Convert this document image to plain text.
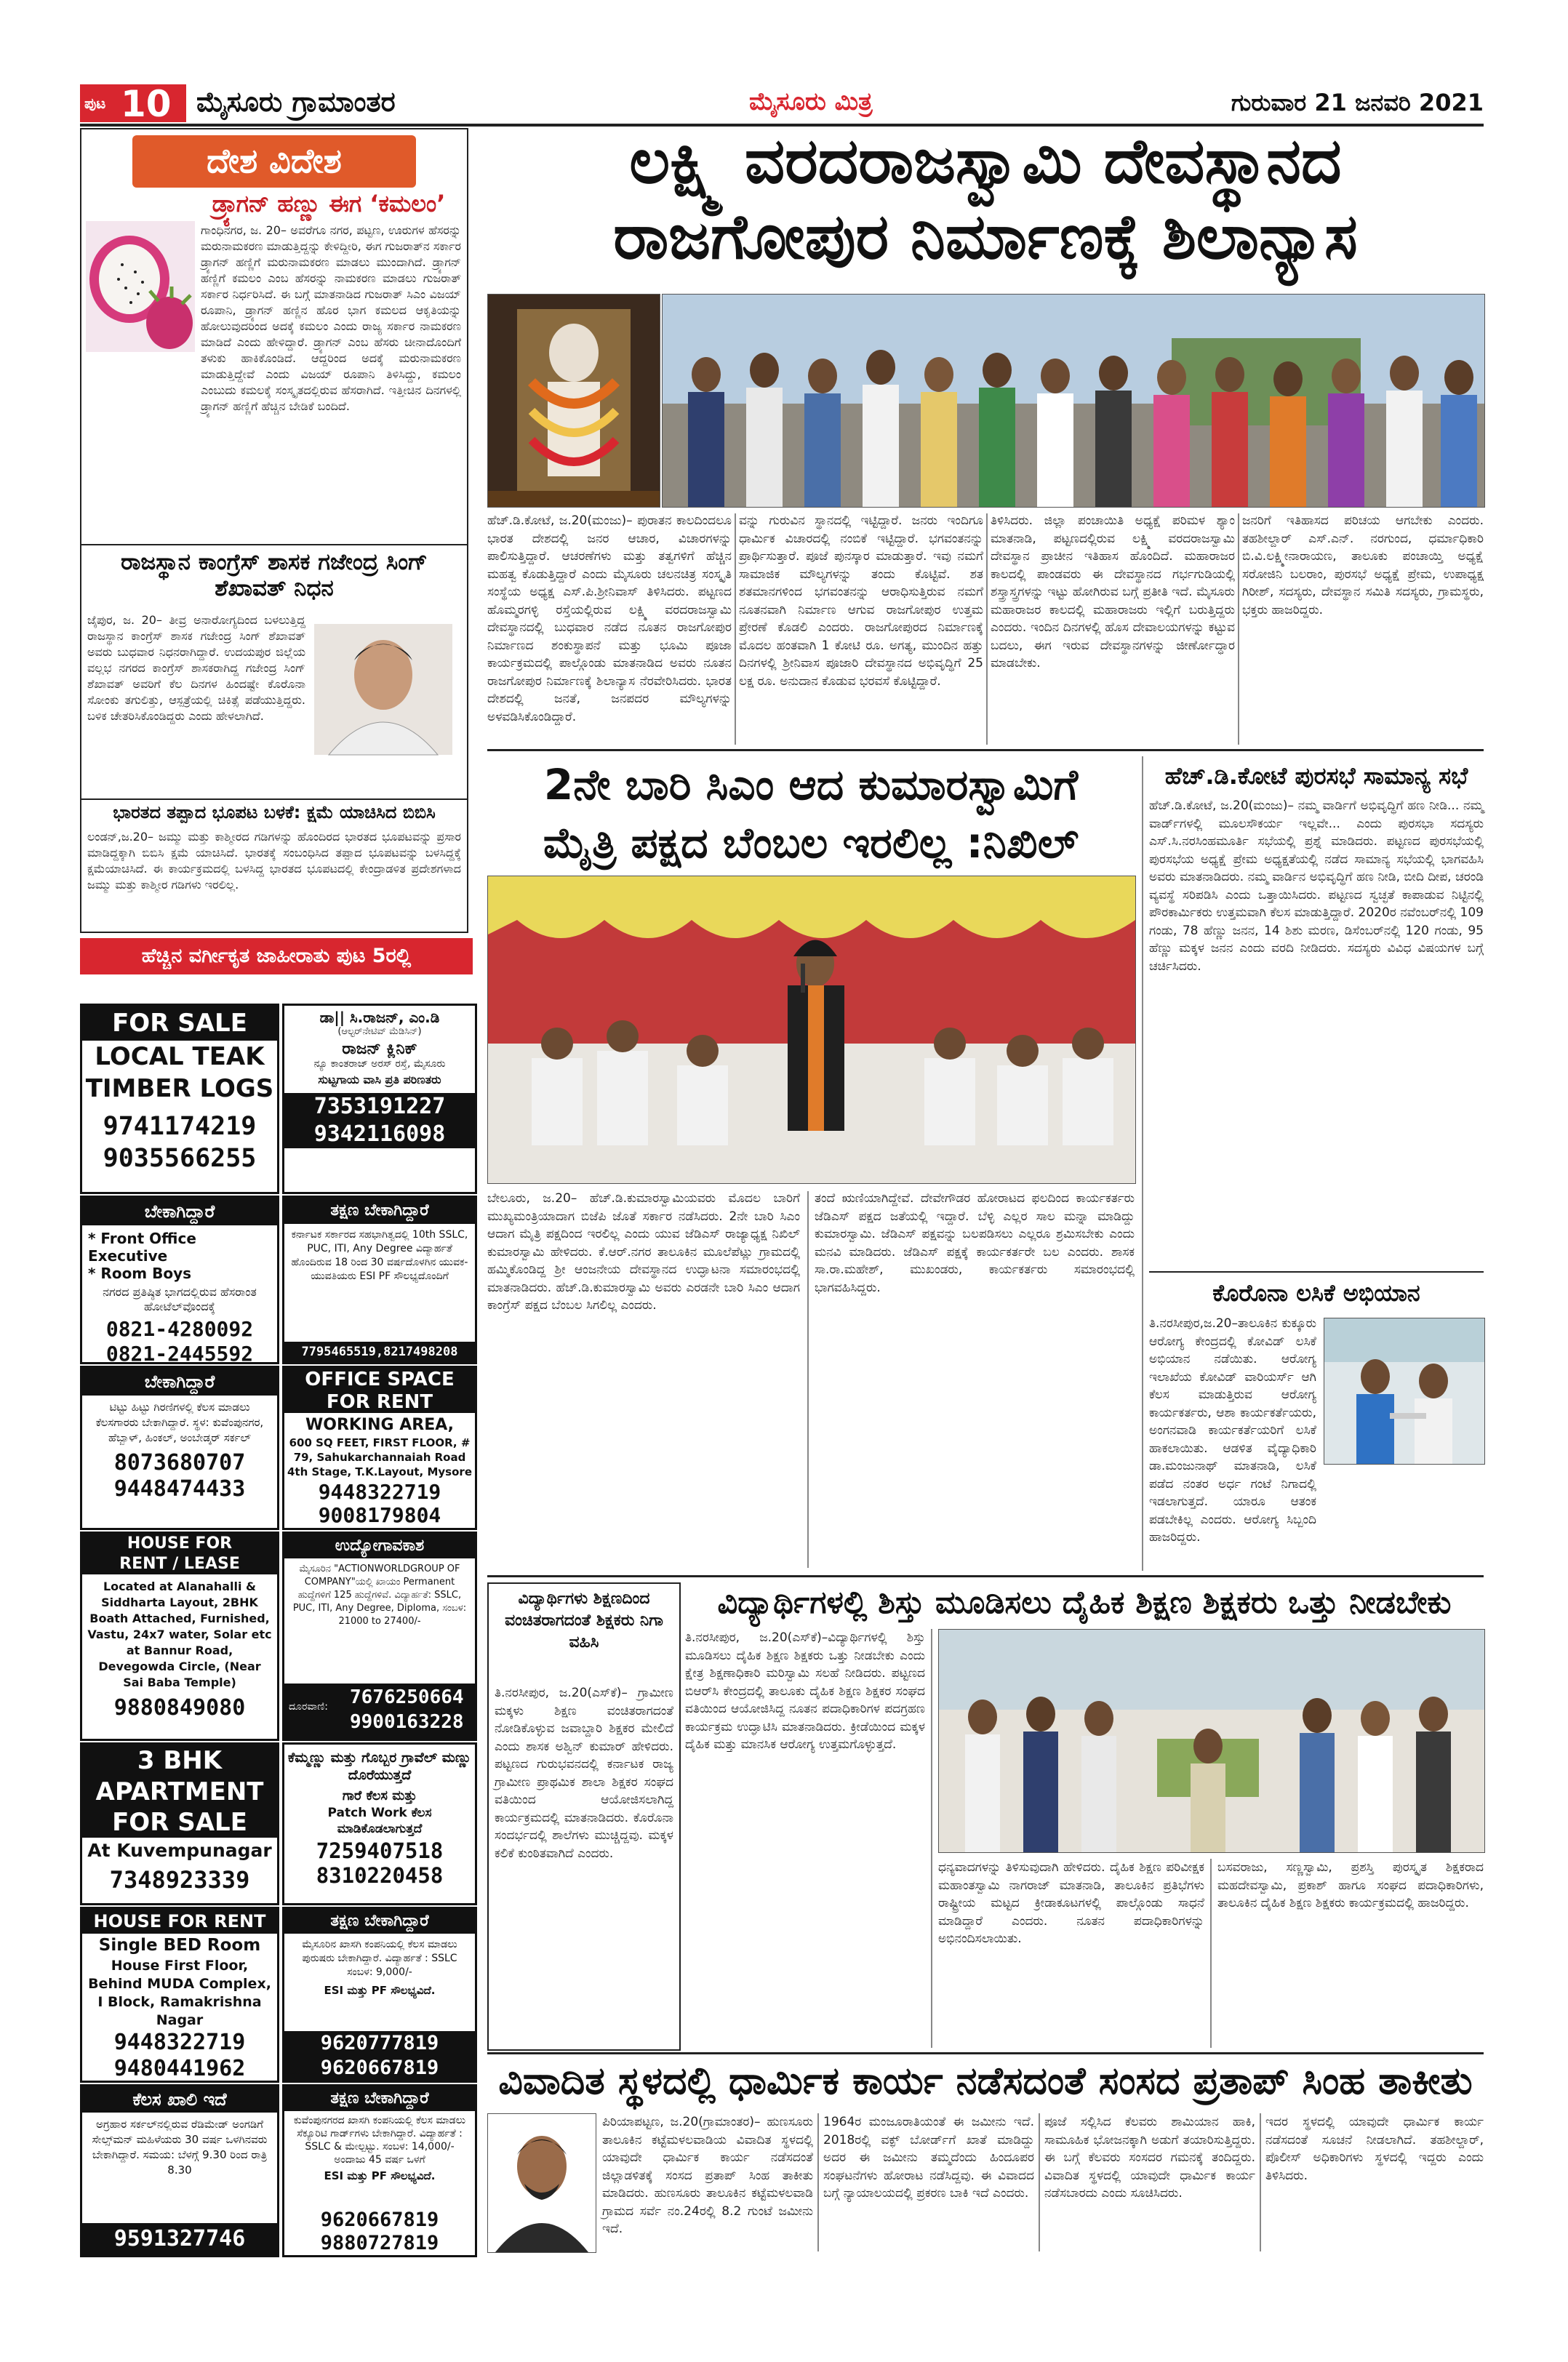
ಪುಟ 10 ಮೈಸೂರು ಗ್ರಾಮಾಂತರ	ಮೈಸೂರು ಮಿತ್ರ	ಗುರುವಾರ 21 ಜನವರಿ 2021
ದೇಶ ವಿದೇಶ
ಡ್ರ್ಯಾಗನ್ ಹಣ್ಣು ಈಗ ‘ಕಮಲಂ’
ಗಾಂಧಿನಗರ, ಜ. 20– ಅವರೆಗೂ ನಗರ, ಪಟ್ಟಣ, ಊರುಗಳ ಹೆಸರನ್ನು ಮರುನಾಮಕರಣ ಮಾಡುತ್ತಿದ್ದನ್ನು ಕೇಳಿದ್ದೀರಿ, ಈಗ ಗುಜರಾತ್‌ನ ಸರ್ಕಾರ ಡ್ರ್ಯಾಗನ್ ಹಣ್ಣಿಗೆ ಮರುನಾಮಕರಣ ಮಾಡಲು ಮುಂದಾಗಿದೆ. ಡ್ರ್ಯಾಗನ್ ಹಣ್ಣಿಗೆ ಕಮಲಂ ಎಂಬ ಹೆಸರನ್ನು ನಾಮಕರಣ ಮಾಡಲು ಗುಜರಾತ್ ಸರ್ಕಾರ ನಿರ್ಧರಿಸಿದೆ. ಈ ಬಗ್ಗೆ ಮಾತನಾಡಿದ ಗುಜರಾತ್ ಸಿಎಂ ವಿಜಯ್ ರೂಪಾನಿ, ಡ್ರ್ಯಾಗನ್ ಹಣ್ಣಿನ ಹೊರ ಭಾಗ ಕಮಲದ ಆಕೃತಿಯನ್ನು ಹೋಲುವುದರಿಂದ ಅದಕ್ಕೆ ಕಮಲಂ ಎಂದು ರಾಜ್ಯ ಸರ್ಕಾರ ನಾಮಕರಣ ಮಾಡಿದೆ ಎಂದು ಹೇಳಿದ್ದಾರೆ. ಡ್ರ್ಯಾಗನ್ ಎಂಬ ಹೆಸರು ಚೀನಾದೊಂದಿಗೆ ತಳುಕು ಹಾಕಿಕೊಂಡಿದೆ. ಆದ್ದರಿಂದ ಅದಕ್ಕೆ ಮರುನಾಮಕರಣ ಮಾಡುತ್ತಿದ್ದೇವೆ ಎಂದು ವಿಜಯ್ ರೂಪಾನಿ ತಿಳಿಸಿದ್ದು, ಕಮಲಂ ಎಂಬುದು ಕಮಲಕ್ಕೆ ಸಂಸ್ಕೃತದಲ್ಲಿರುವ ಹೆಸರಾಗಿದೆ. ಇತ್ತೀಚಿನ ದಿನಗಳಲ್ಲಿ ಡ್ರ್ಯಾಗನ್ ಹಣ್ಣಿಗೆ ಹೆಚ್ಚಿನ ಬೇಡಿಕೆ ಬಂದಿದೆ.
ರಾಜಸ್ಥಾನ ಕಾಂಗ್ರೆಸ್ ಶಾಸಕ ಗಜೇಂದ್ರ ಸಿಂಗ್ ಶೆಖಾವತ್ ನಿಧನ
ಜೈಪುರ, ಜ. 20– ತೀವ್ರ ಅನಾರೋಗ್ಯದಿಂದ ಬಳಲುತ್ತಿದ್ದ ರಾಜಸ್ಥಾನ ಕಾಂಗ್ರೆಸ್ ಶಾಸಕ ಗಜೇಂದ್ರ ಸಿಂಗ್ ಶೆಖಾವತ್ ಅವರು ಬುಧವಾರ ನಿಧನರಾಗಿದ್ದಾರೆ. ಉದಯಪುರ ಜಿಲ್ಲೆಯ ವಲ್ಲಭ ನಗರದ ಕಾಂಗ್ರೆಸ್ ಶಾಸಕರಾಗಿದ್ದ ಗಜೇಂದ್ರ ಸಿಂಗ್ ಶೆಖಾವತ್ ಅವರಿಗೆ ಕೆಲ ದಿನಗಳ ಹಿಂದಷ್ಟೇ ಕೊರೊನಾ ಸೋಂಕು ತಗುಲಿತ್ತು, ಆಸ್ಪತ್ರೆಯಲ್ಲಿ ಚಿಕಿತ್ಸೆ ಪಡೆಯುತ್ತಿದ್ದರು. ಬಳಿಕ ಚೇತರಿಸಿಕೊಂಡಿದ್ದರು ಎಂದು ಹೇಳಲಾಗಿದೆ.
ಭಾರತದ ತಪ್ಪಾದ ಭೂಪಟ ಬಳಕೆ: ಕ್ಷಮೆ ಯಾಚಿಸಿದ ಬಿಬಿಸಿ
ಲಂಡನ್,ಜ.20– ಜಮ್ಮು ಮತ್ತು ಕಾಶ್ಮೀರದ ಗಡಿಗಳನ್ನು ಹೊಂದಿರದ ಭಾರತದ ಭೂಪಟವನ್ನು ಪ್ರಸಾರ ಮಾಡಿದ್ದಕ್ಕಾಗಿ ಬಿಬಿಸಿ ಕ್ಷಮೆ ಯಾಚಿಸಿದೆ. ಭಾರತಕ್ಕೆ ಸಂಬಂಧಿಸಿದ ತಪ್ಪಾದ ಭೂಪಟವನ್ನು ಬಳಸಿದ್ದಕ್ಕೆ ಕ್ಷಮೆಯಾಚಿಸಿದೆ. ಈ ಕಾರ್ಯಕ್ರಮದಲ್ಲಿ ಬಳಸಿದ್ದ ಭಾರತದ ಭೂಪಟದಲ್ಲಿ ಕೇಂದ್ರಾಡಳಿತ ಪ್ರದೇಶಗಳಾದ ಜಮ್ಮು ಮತ್ತು ಕಾಶ್ಮೀರ ಗಡಿಗಳು ಇರಲಿಲ್ಲ.
ಹೆಚ್ಚಿನ ವರ್ಗೀಕೃತ ಜಾಹೀರಾತು ಪುಟ 5ರಲ್ಲಿ
FOR SALE
LOCAL TEAK
TIMBER LOGS
9741174219
9035566255
ಡಾ|| ಸಿ.ರಾಜನ್, ಎಂ.ಡಿ
(ಆಲ್ಟರ್‌ನೇಟಿವ್ ಮೆಡಿಸಿನ್)
ರಾಜನ್ ಕ್ಲಿನಿಕ್
ನ್ಯೂ ಕಾಂತರಾಜ್ ಅರಸ್ ರಸ್ತೆ, ಮೈಸೂರು
ಸುಟ್ಟಗಾಯ ವಾಸಿ ಪ್ರತಿ ಪರಿಣತರು
7353191227
9342116098
ಬೇಕಾಗಿದ್ದಾರೆ
* Front Office Executive
* Room Boys
ನಗರದ ಪ್ರತಿಷ್ಠಿತ ಭಾಗದಲ್ಲಿರುವ ಹೆಸರಾಂತ ಹೋಟೆಲ್‌ವೊಂದಕ್ಕೆ
0821-4280092
0821-2445592
ತಕ್ಷಣ ಬೇಕಾಗಿದ್ದಾರೆ
ಕರ್ನಾಟಕ ಸರ್ಕಾರದ ಸಹಭಾಗಿತ್ವದಲ್ಲಿ 10th SSLC, PUC, ITI, Any Degree ವಿದ್ಯಾರ್ಹತೆ ಹೊಂದಿರುವ 18 ರಿಂದ 30 ವರ್ಷದೊಳಗಿನ ಯುವಕ-ಯುವತಿಯರು ESI PF ಸೌಲಭ್ಯದೊಂದಿಗೆ
7795465519,8217498208
ಬೇಕಾಗಿದ್ದಾರೆ
ಟಿಟ್ಟು ಹಿಟ್ಟು ಗಿರಣಿಗಳಲ್ಲಿ ಕೆಲಸ ಮಾಡಲು ಕೆಲಸಗಾರರು ಬೇಕಾಗಿದ್ದಾರೆ. ಸ್ಥಳ: ಕುವೆಂಪುನಗರ, ಹೆಬ್ಬಾಳ್, ಹಿಂಕಲ್, ಅಂಬೇಡ್ಕರ್ ಸರ್ಕಲ್
8073680707
9448474433
OFFICE SPACE
FOR RENT
WORKING AREA,
600 SQ FEET, FIRST FLOOR, # 79, Sahukarchannaiah Road 4th Stage, T.K.Layout, Mysore
9448322719
9008179804
HOUSE FOR
RENT / LEASE
Located at Alanahalli & Siddharta Layout, 2BHK Boath Attached, Furnished, Vastu, 24x7 water, Solar etc at Bannur Road, Devegowda Circle, (Near Sai Baba Temple)
9880849080
ಉದ್ಯೋಗಾವಕಾಶ
ಮೈಸೂರಿನ "ACTIONWORLDGROUP OF COMPANY"ಯಲ್ಲಿ ಖಾಯಂ Permanent ಹುದ್ದೆಗಳಿಗೆ 125 ಹುದ್ದೆಗಳಿವೆ. ವಿದ್ಯಾರ್ಹತೆ: SSLC, PUC, ITI, Any Degree, Diploma, ಸಂಬಳ: 21000 to 27400/-
ದೂರವಾಣಿ: 7676250664
9900163228
3 BHK
APARTMENT
FOR SALE
At Kuvempunagar
7348923339
ಕೆಮ್ಮಣ್ಣು ಮತ್ತು ಗೊಬ್ಬರ ಗ್ರಾವೆಲ್ ಮಣ್ಣು ದೊರೆಯುತ್ತದೆ
ಗಾರೆ ಕೆಲಸ ಮತ್ತು
Patch Work ಕೆಲಸ ಮಾಡಿಕೊಡಲಾಗುತ್ತದೆ
7259407518
8310220458
HOUSE FOR RENT
Single BED Room
House First Floor, Behind MUDA Complex, I Block, Ramakrishna Nagar
9448322719
9480441962
ತಕ್ಷಣ ಬೇಕಾಗಿದ್ದಾರೆ
ಮೈಸೂರಿನ ಖಾಸಗಿ ಕಂಪನಿಯಲ್ಲಿ ಕೆಲಸ ಮಾಡಲು ಪುರುಷರು ಬೇಕಾಗಿದ್ದಾರೆ. ವಿದ್ಯಾರ್ಹತೆ : SSLC ಸಂಬಳ: 9,000/-
ESI ಮತ್ತು PF ಸೌಲಭ್ಯವಿದೆ.
9620777819
9620667819
ಕೆಲಸ ಖಾಲಿ ಇದೆ
ಅಗ್ರಹಾರ ಸರ್ಕಲ್‌ನಲ್ಲಿರುವ ರೆಡಿಮೇಡ್ ಅಂಗಡಿಗೆ ಸೇಲ್ಸ್‌ಮನ್ ಮಹಿಳೆಯರು 30 ವರ್ಷ ಒಳಗಿನವರು ಬೇಕಾಗಿದ್ದಾರೆ. ಸಮಯ: ಬೆಳಗ್ಗೆ 9.30 ರಿಂದ ರಾತ್ರಿ 8.30
9591327746
ತಕ್ಷಣ ಬೇಕಾಗಿದ್ದಾರೆ
ಕುವೆಂಪುನಗರದ ಖಾಸಗಿ ಕಂಪನಿಯಲ್ಲಿ ಕೆಲಸ ಮಾಡಲು ಸೆಕ್ಯೂರಿಟಿ ಗಾರ್ಡ್‌ಗಳು ಬೇಕಾಗಿದ್ದಾರೆ. ವಿದ್ಯಾರ್ಹತೆ : SSLC & ಮೇಲ್ಪಟ್ಟು. ಸಂಬಳ: 14,000/- ಅಂದಾಜು 45 ವರ್ಷ ಒಳಗೆ
ESI ಮತ್ತು PF ಸೌಲಭ್ಯವಿದೆ.
9620667819
9880727819
ಲಕ್ಷ್ಮಿ ವರದರಾಜಸ್ವಾಮಿ ದೇವಸ್ಥಾನದ
ರಾಜಗೋಪುರ ನಿರ್ಮಾಣಕ್ಕೆ ಶಿಲಾನ್ಯಾಸ
ಹೆಚ್.ಡಿ.ಕೋಟೆ, ಜ.20(ಮಂಜು)– ಪುರಾತನ ಕಾಲದಿಂದಲೂ ಭಾರತ ದೇಶದಲ್ಲಿ ಜನರ ಆಚಾರ, ವಿಚಾರಗಳನ್ನು ಪಾಲಿಸುತ್ತಿದ್ದಾರೆ. ಆಚರಣೆಗಳು ಮತ್ತು ತತ್ವಗಳಿಗೆ ಹೆಚ್ಚಿನ ಮಹತ್ವ ಕೊಡುತ್ತಿದ್ದಾರೆ ಎಂದು ಮೈಸೂರು ಚಲನಚಿತ್ರ ಸಂಸ್ಕೃತಿ ಸಂಸ್ಥೆಯ ಅಧ್ಯಕ್ಷ ಎಸ್.ಪಿ.ಶ್ರೀನಿವಾಸ್ ತಿಳಿಸಿದರು. ಪಟ್ಟಣದ ಹೊಮ್ಮರಗಳ್ಳಿ ರಸ್ತೆಯಲ್ಲಿರುವ ಲಕ್ಷ್ಮಿ ವರದರಾಜಸ್ವಾಮಿ ದೇವಸ್ಥಾನದಲ್ಲಿ ಬುಧವಾರ ನಡೆದ ನೂತನ ರಾಜಗೋಪುರ ನಿರ್ಮಾಣದ ಶಂಕುಸ್ಥಾಪನೆ ಮತ್ತು ಭೂಮಿ ಪೂಜಾ ಕಾರ್ಯಕ್ರಮದಲ್ಲಿ ಪಾಲ್ಗೊಂಡು ಮಾತನಾಡಿದ ಅವರು ನೂತನ ರಾಜಗೋಪುರ ನಿರ್ಮಾಣಕ್ಕೆ ಶಿಲಾನ್ಯಾಸ ನೆರವೇರಿಸಿದರು. ಭಾರತ ದೇಶದಲ್ಲಿ ಜನತೆ, ಜನಪದರ ಮೌಲ್ಯಗಳನ್ನು ಅಳವಡಿಸಿಕೊಂಡಿದ್ದಾರೆ.
ವನ್ನು ಗುರುವಿನ ಸ್ಥಾನದಲ್ಲಿ ಇಟ್ಟಿದ್ದಾರೆ. ಜನರು ಇಂದಿಗೂ ಧಾರ್ಮಿಕ ವಿಚಾರದಲ್ಲಿ ನಂಬಿಕೆ ಇಟ್ಟಿದ್ದಾರೆ. ಭಗವಂತನನ್ನು ಪ್ರಾರ್ಥಿಸುತ್ತಾರೆ. ಪೂಜೆ ಪುನಸ್ಕಾರ ಮಾಡುತ್ತಾರೆ. ಇವು ನಮಗೆ ಸಾಮಾಜಿಕ ಮೌಲ್ಯಗಳನ್ನು ತಂದು ಕೊಟ್ಟಿವೆ. ಶತ ಶತಮಾನಗಳಿಂದ ಭಗವಂತನನ್ನು ಆರಾಧಿಸುತ್ತಿರುವ ನಮಗೆ ನೂತನವಾಗಿ ನಿರ್ಮಾಣ ಆಗುವ ರಾಜಗೋಪುರ ಉತ್ತಮ ಪ್ರೇರಣೆ ಕೊಡಲಿ ಎಂದರು. ರಾಜಗೋಪುರದ ನಿರ್ಮಾಣಕ್ಕೆ ಮೊದಲ ಹಂತವಾಗಿ 1 ಕೋಟಿ ರೂ. ಅಗತ್ಯ, ಮುಂದಿನ ಹತ್ತು ದಿನಗಳಲ್ಲಿ ಶ್ರೀನಿವಾಸ ಪೂಜಾರಿ ದೇವಸ್ಥಾನದ ಅಭಿವೃದ್ಧಿಗೆ 25 ಲಕ್ಷ ರೂ. ಅನುದಾನ ಕೊಡುವ ಭರವಸೆ ಕೊಟ್ಟಿದ್ದಾರೆ.
ತಿಳಿಸಿದರು. ಜಿಲ್ಲಾ ಪಂಚಾಯಿತಿ ಅಧ್ಯಕ್ಷೆ ಪರಿಮಳ ಶ್ಯಾಂ ಮಾತನಾಡಿ, ಪಟ್ಟಣದಲ್ಲಿರುವ ಲಕ್ಷ್ಮಿ ವರದರಾಜಸ್ವಾಮಿ ದೇವಸ್ಥಾನ ಪ್ರಾಚೀನ ಇತಿಹಾಸ ಹೊಂದಿದೆ. ಮಹಾರಾಜರ ಕಾಲದಲ್ಲಿ ಪಾಂಡವರು ಈ ದೇವಸ್ಥಾನದ ಗರ್ಭಗುಡಿಯಲ್ಲಿ ಶಸ್ತ್ರಾಸ್ತ್ರಗಳನ್ನು ಇಟ್ಟು ಹೋಗಿರುವ ಬಗ್ಗೆ ಪ್ರತೀತಿ ಇದೆ. ಮೈಸೂರು ಮಹಾರಾಜರ ಕಾಲದಲ್ಲಿ ಮಹಾರಾಜರು ಇಲ್ಲಿಗೆ ಬರುತ್ತಿದ್ದರು ಎಂದರು. ಇಂದಿನ ದಿನಗಳಲ್ಲಿ ಹೊಸ ದೇವಾಲಯಗಳನ್ನು ಕಟ್ಟುವ ಬದಲು, ಈಗ ಇರುವ ದೇವಸ್ಥಾನಗಳನ್ನು ಜೀರ್ಣೋದ್ಧಾರ ಮಾಡಬೇಕು.
ಜನರಿಗೆ ಇತಿಹಾಸದ ಪರಿಚಯ ಆಗಬೇಕು ಎಂದರು. ತಹಶೀಲ್ದಾರ್ ಎಸ್.ಎನ್. ನರಗುಂದ, ಧರ್ಮಾಧಿಕಾರಿ ಬಿ.ವಿ.ಲಕ್ಷ್ಮೀನಾರಾಯಣ, ತಾಲೂಕು ಪಂಚಾಯ್ತಿ ಅಧ್ಯಕ್ಷೆ ಸರೋಜಿನಿ ಬಲರಾಂ, ಪುರಸಭೆ ಅಧ್ಯಕ್ಷೆ ಪ್ರೇಮ, ಉಪಾಧ್ಯಕ್ಷ ಗಿರೀಶ್, ಸದಸ್ಯರು, ದೇವಸ್ಥಾನ ಸಮಿತಿ ಸದಸ್ಯರು, ಗ್ರಾಮಸ್ಥರು, ಭಕ್ತರು ಹಾಜರಿದ್ದರು.
2ನೇ ಬಾರಿ ಸಿಎಂ ಆದ ಕುಮಾರಸ್ವಾಮಿಗೆ
ಮೈತ್ರಿ ಪಕ್ಷದ ಬೆಂಬಲ ಇರಲಿಲ್ಲ :ನಿಖಿಲ್
ಬೇಲೂರು, ಜ.20– ಹೆಚ್.ಡಿ.ಕುಮಾರಸ್ವಾಮಿಯವರು ಮೊದಲ ಬಾರಿಗೆ ಮುಖ್ಯಮಂತ್ರಿಯಾದಾಗ ಬಿಜೆಪಿ ಜೊತೆ ಸರ್ಕಾರ ನಡೆಸಿದರು. 2ನೇ ಬಾರಿ ಸಿಎಂ ಆದಾಗ ಮೈತ್ರಿ ಪಕ್ಷದಿಂದ ಇರಲಿಲ್ಲ ಎಂದು ಯುವ ಜೆಡಿಎಸ್ ರಾಜ್ಯಾಧ್ಯಕ್ಷ ನಿಖಿಲ್ ಕುಮಾರಸ್ವಾಮಿ ಹೇಳಿದರು. ಕೆ.ಆರ್.ನಗರ ತಾಲೂಕಿನ ಮೂಲೆಪೆಟ್ಲು ಗ್ರಾಮದಲ್ಲಿ ಹಮ್ಮಿಕೊಂಡಿದ್ದ ಶ್ರೀ ಆಂಜನೇಯ ದೇವಸ್ಥಾನದ ಉದ್ಘಾಟನಾ ಸಮಾರಂಭದಲ್ಲಿ ಮಾತನಾಡಿದರು. ಹೆಚ್.ಡಿ.ಕುಮಾರಸ್ವಾಮಿ ಅವರು ಎರಡನೇ ಬಾರಿ ಸಿಎಂ ಆದಾಗ ಕಾಂಗ್ರೆಸ್ ಪಕ್ಷದ ಬೆಂಬಲ ಸಿಗಲಿಲ್ಲ ಎಂದರು.
ತಂದೆ ಋಣಿಯಾಗಿದ್ದೇವೆ. ದೇವೇಗೌಡರ ಹೋರಾಟದ ಫಲದಿಂದ ಕಾರ್ಯಕರ್ತರು ಜೆಡಿಎಸ್ ಪಕ್ಷದ ಜತೆಯಲ್ಲಿ ಇದ್ದಾರೆ. ಬೆಳ್ಳಿ ಎಲ್ಲರ ಸಾಲ ಮನ್ನಾ ಮಾಡಿದ್ದು ಕುಮಾರಸ್ವಾಮಿ. ಜೆಡಿಎಸ್ ಪಕ್ಷವನ್ನು ಬಲಪಡಿಸಲು ಎಲ್ಲರೂ ಶ್ರಮಿಸಬೇಕು ಎಂದು ಮನವಿ ಮಾಡಿದರು. ಜೆಡಿಎಸ್ ಪಕ್ಷಕ್ಕೆ ಕಾರ್ಯಕರ್ತರೇ ಬಲ ಎಂದರು. ಶಾಸಕ ಸಾ.ರಾ.ಮಹೇಶ್, ಮುಖಂಡರು, ಕಾರ್ಯಕರ್ತರು ಸಮಾರಂಭದಲ್ಲಿ ಭಾಗವಹಿಸಿದ್ದರು.
ಹೆಚ್.ಡಿ.ಕೋಟೆ ಪುರಸಭೆ ಸಾಮಾನ್ಯ ಸಭೆ
ಹೆಚ್.ಡಿ.ಕೋಟೆ, ಜ.20(ಮಂಜು)– ನಮ್ಮ ವಾರ್ಡಿಗೆ ಅಭಿವೃದ್ಧಿಗೆ ಹಣ ನೀಡಿ... ನಮ್ಮ ವಾರ್ಡ್‌ಗಳಲ್ಲಿ ಮೂಲಸೌಕರ್ಯ ಇಲ್ಲವೇ... ಎಂದು ಪುರಸಭಾ ಸದಸ್ಯರು ಎಸ್.ಸಿ.ನರಸಿಂಹಮೂರ್ತಿ ಸಭೆಯಲ್ಲಿ ಪ್ರಶ್ನೆ ಮಾಡಿದರು. ಪಟ್ಟಣದ ಪುರಸಭೆಯಲ್ಲಿ ಪುರಸಭೆಯ ಅಧ್ಯಕ್ಷೆ ಪ್ರೇಮ ಅಧ್ಯಕ್ಷತೆಯಲ್ಲಿ ನಡೆದ ಸಾಮಾನ್ಯ ಸಭೆಯಲ್ಲಿ ಭಾಗವಹಿಸಿ ಅವರು ಮಾತನಾಡಿದರು. ನಮ್ಮ ವಾರ್ಡಿನ ಅಭಿವೃದ್ಧಿಗೆ ಹಣ ನೀಡಿ, ಬೀದಿ ದೀಪ, ಚರಂಡಿ ವ್ಯವಸ್ಥೆ ಸರಿಪಡಿಸಿ ಎಂದು ಒತ್ತಾಯಿಸಿದರು. ಪಟ್ಟಣದ ಸ್ವಚ್ಛತೆ ಕಾಪಾಡುವ ನಿಟ್ಟಿನಲ್ಲಿ ಪೌರಕಾರ್ಮಿಕರು ಉತ್ತಮವಾಗಿ ಕೆಲಸ ಮಾಡುತ್ತಿದ್ದಾರೆ. 2020ರ ನವೆಂಬರ್‌ನಲ್ಲಿ 109 ಗಂಡು, 78 ಹೆಣ್ಣು ಜನನ, 14 ಶಿಶು ಮರಣ, ಡಿಸೆಂಬರ್‌ನಲ್ಲಿ 120 ಗಂಡು, 95 ಹೆಣ್ಣು ಮಕ್ಕಳ ಜನನ ಎಂದು ವರದಿ ನೀಡಿದರು. ಸದಸ್ಯರು ವಿವಿಧ ವಿಷಯಗಳ ಬಗ್ಗೆ ಚರ್ಚಿಸಿದರು.
ಕೊರೊನಾ ಲಸಿಕೆ ಅಭಿಯಾನ
ತಿ.ನರಸೀಪುರ,ಜ.20–ತಾಲೂಕಿನ ಕುಕ್ಕೂರು ಆರೋಗ್ಯ ಕೇಂದ್ರದಲ್ಲಿ ಕೋವಿಡ್ ಲಸಿಕೆ ಅಭಿಯಾನ ನಡೆಯಿತು. ಆರೋಗ್ಯ ಇಲಾಖೆಯ ಕೋವಿಡ್ ವಾರಿಯರ್ಸ್ ಆಗಿ ಕೆಲಸ ಮಾಡುತ್ತಿರುವ ಆರೋಗ್ಯ ಕಾರ್ಯಕರ್ತರು, ಆಶಾ ಕಾರ್ಯಕರ್ತೆಯರು, ಅಂಗನವಾಡಿ ಕಾರ್ಯಕರ್ತೆಯರಿಗೆ ಲಸಿಕೆ ಹಾಕಲಾಯಿತು. ಆಡಳಿತ ವೈದ್ಯಾಧಿಕಾರಿ ಡಾ.ಮಂಜುನಾಥ್ ಮಾತನಾಡಿ, ಲಸಿಕೆ ಪಡೆದ ನಂತರ ಅರ್ಧ ಗಂಟೆ ನಿಗಾದಲ್ಲಿ ಇಡಲಾಗುತ್ತದೆ. ಯಾರೂ ಆತಂಕ ಪಡಬೇಕಿಲ್ಲ ಎಂದರು. ಆರೋಗ್ಯ ಸಿಬ್ಬಂದಿ ಹಾಜರಿದ್ದರು.
ವಿದ್ಯಾರ್ಥಿಗಳು ಶಿಕ್ಷಣದಿಂದ ವಂಚಿತರಾಗದಂತೆ ಶಿಕ್ಷಕರು ನಿಗಾ ವಹಿಸಿ
ತಿ.ನರಸೀಪುರ, ಜ.20(ಎಸ್‌ಕೆ)– ಗ್ರಾಮೀಣ ಮಕ್ಕಳು ಶಿಕ್ಷಣ ವಂಚಿತರಾಗದಂತೆ ನೋಡಿಕೊಳ್ಳುವ ಜವಾಬ್ದಾರಿ ಶಿಕ್ಷಕರ ಮೇಲಿದೆ ಎಂದು ಶಾಸಕ ಅಶ್ವಿನ್ ಕುಮಾರ್ ಹೇಳಿದರು. ಪಟ್ಟಣದ ಗುರುಭವನದಲ್ಲಿ ಕರ್ನಾಟಕ ರಾಜ್ಯ ಗ್ರಾಮೀಣ ಪ್ರಾಥಮಿಕ ಶಾಲಾ ಶಿಕ್ಷಕರ ಸಂಘದ ವತಿಯಿಂದ ಆಯೋಜಿಸಲಾಗಿದ್ದ ಕಾರ್ಯಕ್ರಮದಲ್ಲಿ ಮಾತನಾಡಿದರು. ಕೊರೊನಾ ಸಂದರ್ಭದಲ್ಲಿ ಶಾಲೆಗಳು ಮುಚ್ಚಿದ್ದವು. ಮಕ್ಕಳ ಕಲಿಕೆ ಕುಂಠಿತವಾಗಿದೆ ಎಂದರು.
ವಿದ್ಯಾರ್ಥಿಗಳಲ್ಲಿ ಶಿಸ್ತು ಮೂಡಿಸಲು ದೈಹಿಕ ಶಿಕ್ಷಣ ಶಿಕ್ಷಕರು ಒತ್ತು ನೀಡಬೇಕು
ತಿ.ನರಸೀಪುರ, ಜ.20(ಎಸ್‌ಕೆ)–ವಿದ್ಯಾರ್ಥಿಗಳಲ್ಲಿ ಶಿಸ್ತು ಮೂಡಿಸಲು ದೈಹಿಕ ಶಿಕ್ಷಣ ಶಿಕ್ಷಕರು ಒತ್ತು ನೀಡಬೇಕು ಎಂದು ಕ್ಷೇತ್ರ ಶಿಕ್ಷಣಾಧಿಕಾರಿ ಮರಿಸ್ವಾಮಿ ಸಲಹೆ ನೀಡಿದರು. ಪಟ್ಟಣದ ಬಿಆರ್‌ಸಿ ಕೇಂದ್ರದಲ್ಲಿ ತಾಲೂಕು ದೈಹಿಕ ಶಿಕ್ಷಣ ಶಿಕ್ಷಕರ ಸಂಘದ ವತಿಯಿಂದ ಆಯೋಜಿಸಿದ್ದ ನೂತನ ಪದಾಧಿಕಾರಿಗಳ ಪದಗ್ರಹಣ ಕಾರ್ಯಕ್ರಮ ಉದ್ಘಾಟಿಸಿ ಮಾತನಾಡಿದರು. ಕ್ರೀಡೆಯಿಂದ ಮಕ್ಕಳ ದೈಹಿಕ ಮತ್ತು ಮಾನಸಿಕ ಆರೋಗ್ಯ ಉತ್ತಮಗೊಳ್ಳುತ್ತದೆ.
ಧನ್ಯವಾದಗಳನ್ನು ತಿಳಿಸುವುದಾಗಿ ಹೇಳಿದರು. ದೈಹಿಕ ಶಿಕ್ಷಣ ಪರಿವೀಕ್ಷಕ ಮಹಾಂತಸ್ವಾಮಿ ನಾಗರಾಜ್ ಮಾತನಾಡಿ, ತಾಲೂಕಿನ ಪ್ರತಿಭೆಗಳು ರಾಷ್ಟ್ರೀಯ ಮಟ್ಟದ ಕ್ರೀಡಾಕೂಟಗಳಲ್ಲಿ ಪಾಲ್ಗೊಂಡು ಸಾಧನೆ ಮಾಡಿದ್ದಾರೆ ಎಂದರು. ನೂತನ ಪದಾಧಿಕಾರಿಗಳನ್ನು ಅಭಿನಂದಿಸಲಾಯಿತು.
ಬಸವರಾಜು, ಸಣ್ಣಸ್ವಾಮಿ, ಪ್ರಶಸ್ತಿ ಪುರಸ್ಕೃತ ಶಿಕ್ಷಕರಾದ ಮಹದೇವಸ್ವಾಮಿ, ಪ್ರಕಾಶ್ ಹಾಗೂ ಸಂಘದ ಪದಾಧಿಕಾರಿಗಳು, ತಾಲೂಕಿನ ದೈಹಿಕ ಶಿಕ್ಷಣ ಶಿಕ್ಷಕರು ಕಾರ್ಯಕ್ರಮದಲ್ಲಿ ಹಾಜರಿದ್ದರು.
ವಿವಾದಿತ ಸ್ಥಳದಲ್ಲಿ ಧಾರ್ಮಿಕ ಕಾರ್ಯ ನಡೆಸದಂತೆ ಸಂಸದ ಪ್ರತಾಪ್ ಸಿಂಹ ತಾಕೀತು
ಪಿರಿಯಾಪಟ್ಟಣ, ಜ.20(ಗ್ರಾಮಾಂತರ)– ಹುಣಸೂರು ತಾಲೂಕಿನ ಕಟ್ಟೆಮಳಲವಾಡಿಯ ವಿವಾದಿತ ಸ್ಥಳದಲ್ಲಿ ಯಾವುದೇ ಧಾರ್ಮಿಕ ಕಾರ್ಯ ನಡೆಸದಂತೆ ಜಿಲ್ಲಾಡಳಿತಕ್ಕೆ ಸಂಸದ ಪ್ರತಾಪ್ ಸಿಂಹ ತಾಕೀತು ಮಾಡಿದರು. ಹುಣಸೂರು ತಾಲೂಕಿನ ಕಟ್ಟೆಮಳಲವಾಡಿ ಗ್ರಾಮದ ಸರ್ವೆ ನಂ.24ರಲ್ಲಿ 8.2 ಗುಂಟೆ ಜಮೀನು ಇದೆ.
1964ರ ಮಂಜೂರಾತಿಯಂತೆ ಈ ಜಮೀನು ಇದೆ. 2018ರಲ್ಲಿ ವಕ್ಫ್ ಬೋರ್ಡ್‌ಗೆ ಖಾತೆ ಮಾಡಿದ್ದು ಅದರ ಈ ಜಮೀನು ತಮ್ಮದೆಂದು ಹಿಂದೂಪರ ಸಂಘಟನೆಗಳು ಹೋರಾಟ ನಡೆಸಿದ್ದವು. ಈ ವಿವಾದದ ಬಗ್ಗೆ ನ್ಯಾಯಾಲಯದಲ್ಲಿ ಪ್ರಕರಣ ಬಾಕಿ ಇದೆ ಎಂದರು.
ಪೂಜೆ ಸಲ್ಲಿಸಿದ ಕೆಲವರು ಶಾಮಿಯಾನ ಹಾಕಿ, ಸಾಮೂಹಿಕ ಭೋಜನಕ್ಕಾಗಿ ಅಡುಗೆ ತಯಾರಿಸುತ್ತಿದ್ದರು. ಈ ಬಗ್ಗೆ ಕೆಲವರು ಸಂಸದರ ಗಮನಕ್ಕೆ ತಂದಿದ್ದರು. ವಿವಾದಿತ ಸ್ಥಳದಲ್ಲಿ ಯಾವುದೇ ಧಾರ್ಮಿಕ ಕಾರ್ಯ ನಡೆಸಬಾರದು ಎಂದು ಸೂಚಿಸಿದರು.
ಇದರ ಸ್ಥಳದಲ್ಲಿ ಯಾವುದೇ ಧಾರ್ಮಿಕ ಕಾರ್ಯ ನಡೆಸದಂತೆ ಸೂಚನೆ ನೀಡಲಾಗಿದೆ. ತಹಶೀಲ್ದಾರ್, ಪೊಲೀಸ್ ಅಧಿಕಾರಿಗಳು ಸ್ಥಳದಲ್ಲಿ ಇದ್ದರು ಎಂದು ತಿಳಿಸಿದರು.
